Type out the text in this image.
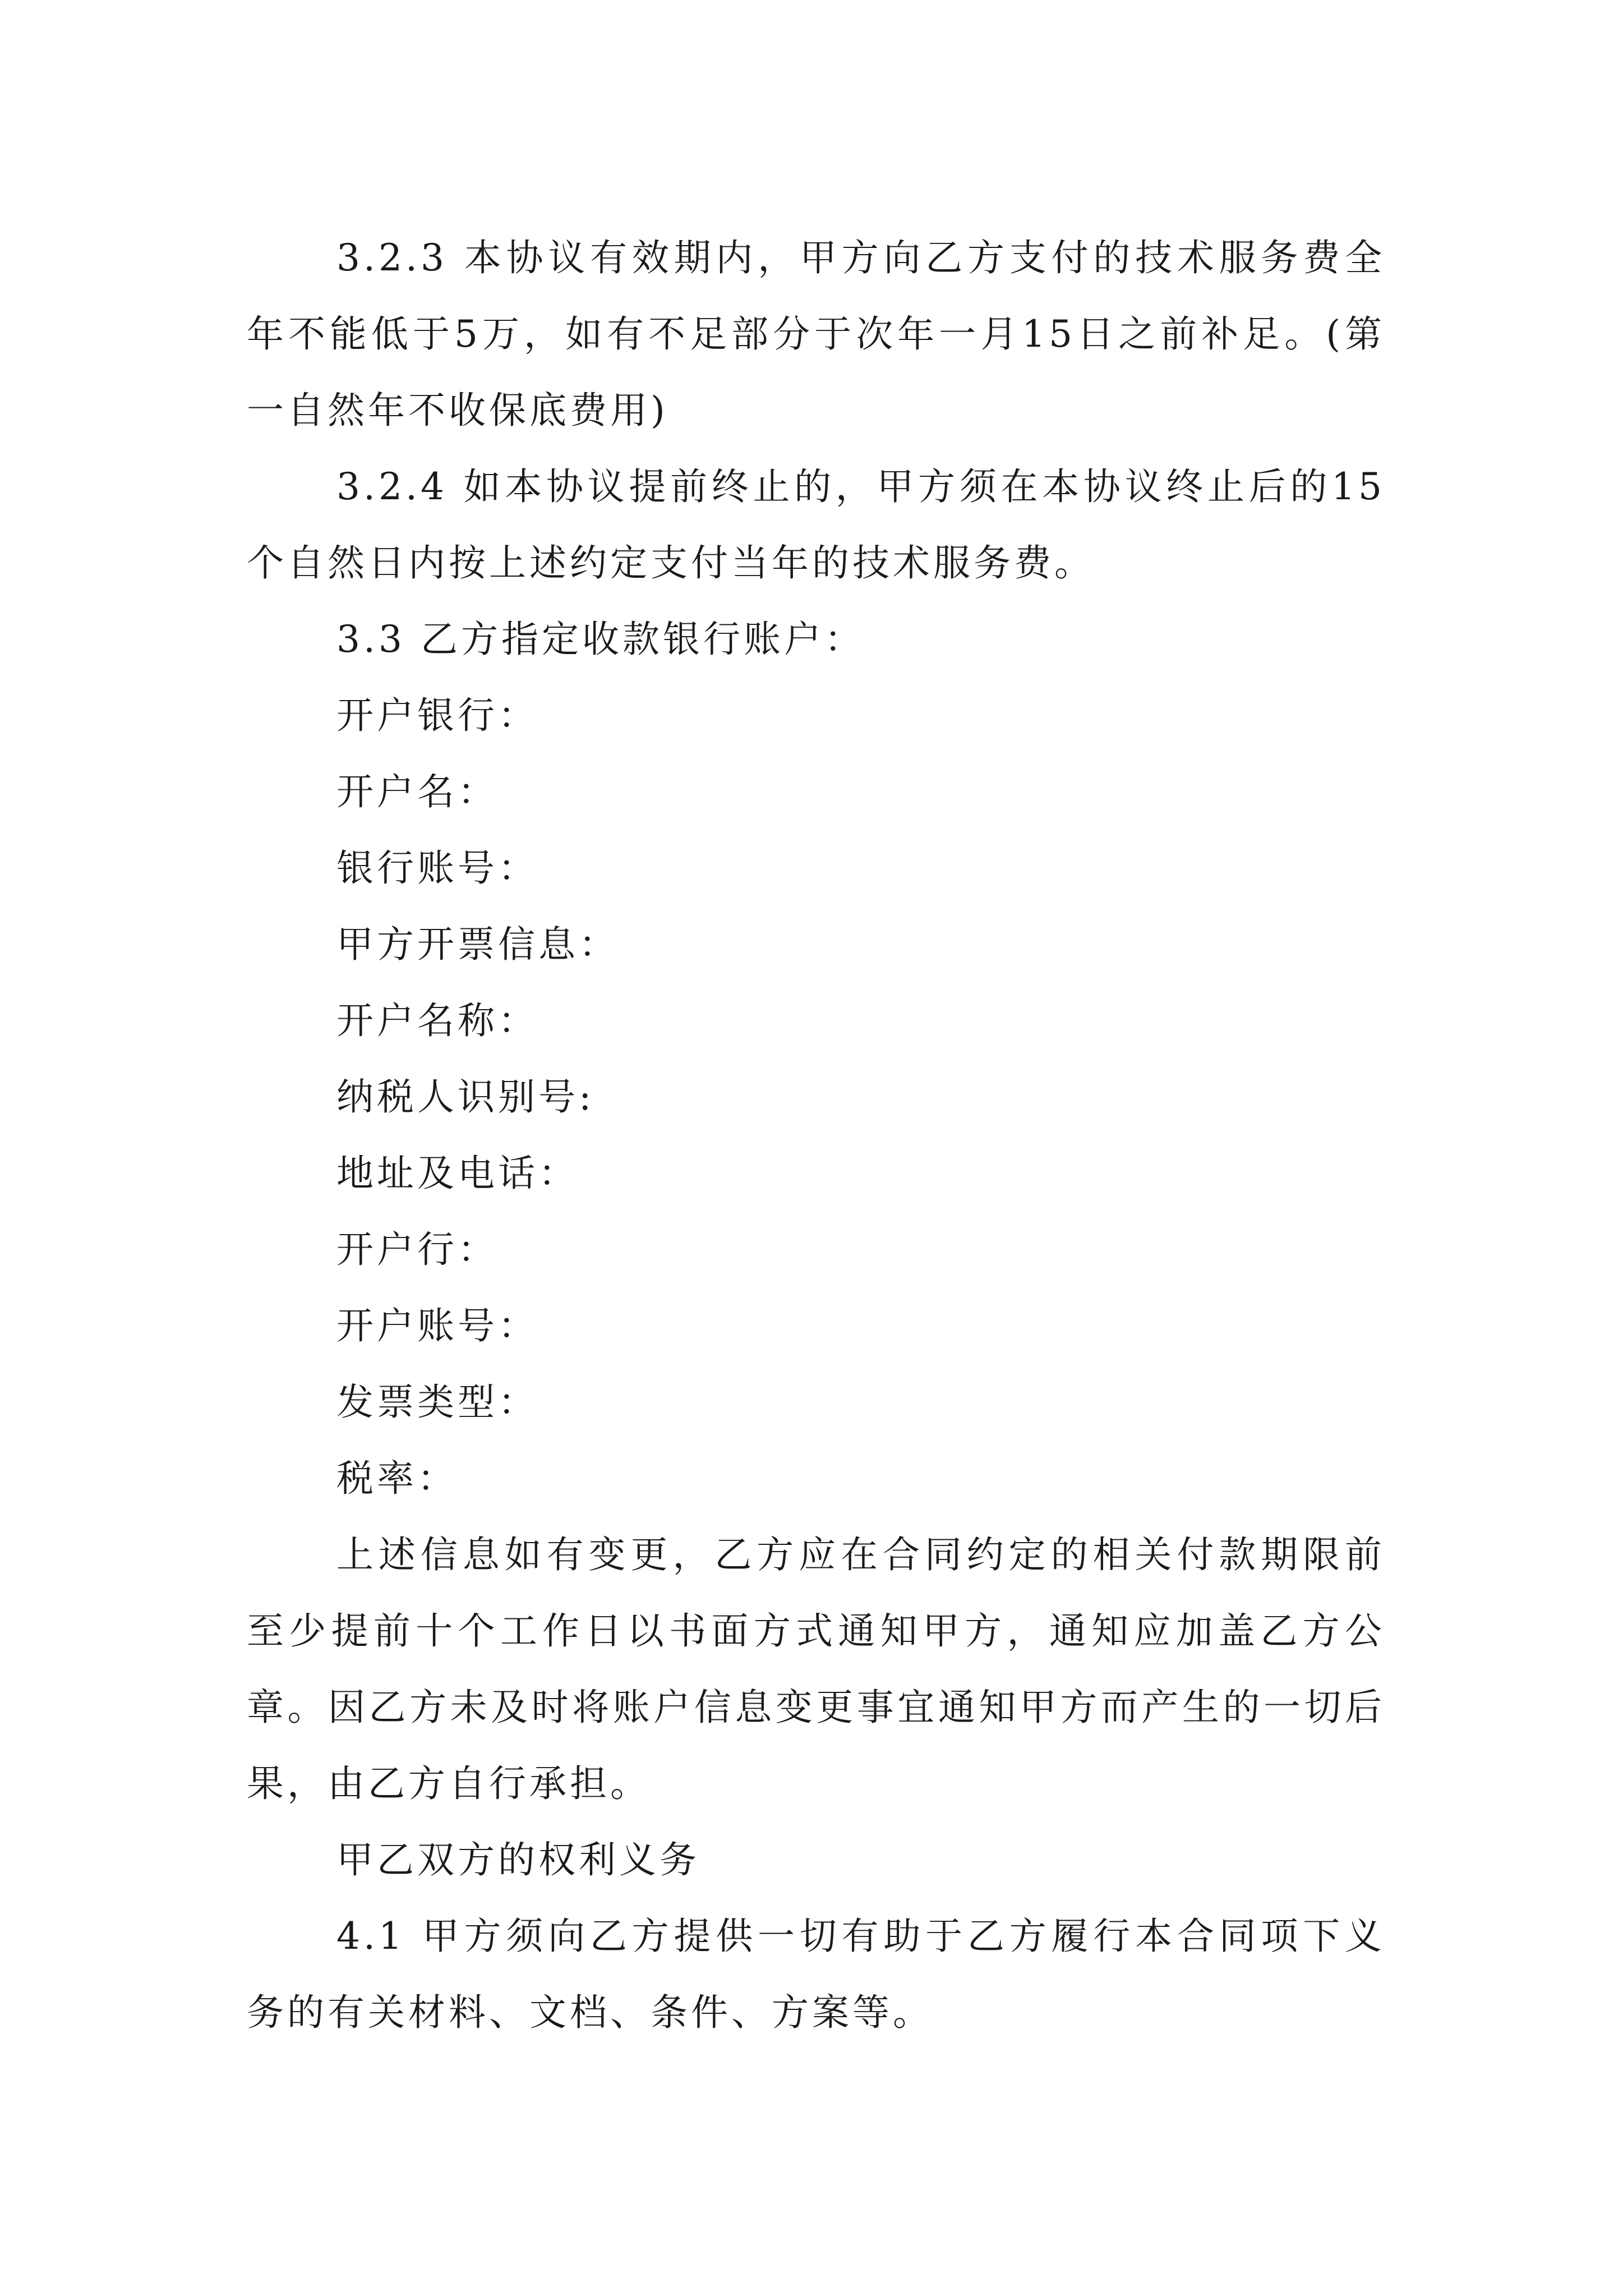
3.2.3 本协议有效期内，甲方向乙方支付的技术服务费全年不能低于5万，如有不足部分于次年一月15日之前补足。(第一自然年不收保底费用)

3.2.4 如本协议提前终止的，甲方须在本协议终止后的15个自然日内按上述约定支付当年的技术服务费。

3.3 乙方指定收款银行账户：

开户银行：

开户名：

银行账号：

甲方开票信息：

开户名称：

纳税人识别号:

地址及电话：

开户行：

开户账号：

发票类型：

税率：

上述信息如有变更，乙方应在合同约定的相关付款期限前至少提前十个工作日以书面方式通知甲方，通知应加盖乙方公章。因乙方未及时将账户信息变更事宜通知甲方而产生的一切后果，由乙方自行承担。

甲乙双方的权利义务

4.1 甲方须向乙方提供一切有助于乙方履行本合同项下义务的有关材料、文档、条件、方案等。
